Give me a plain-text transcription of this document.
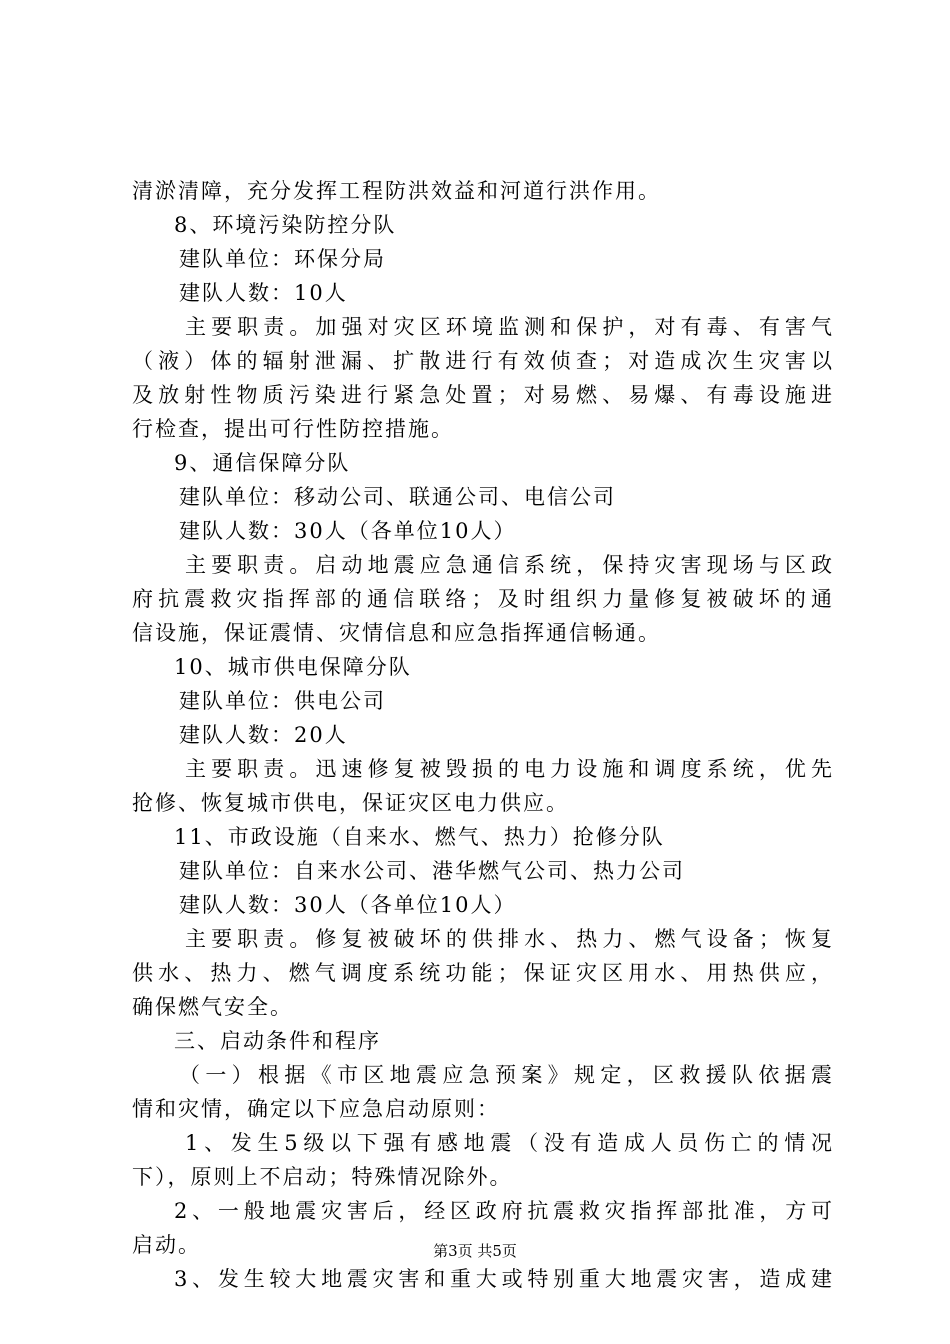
清淤清障，充分发挥工程防洪效益和河道行洪作用。
8、环境污染防控分队
建队单位：环保分局
建队人数：10人
主要职责。加强对灾区环境监测和保护，对有毒、有害气
（液）体的辐射泄漏、扩散进行有效侦查；对造成次生灾害以
及放射性物质污染进行紧急处置；对易燃、易爆、有毒设施进
行检查，提出可行性防控措施。
9、通信保障分队
建队单位：移动公司、联通公司、电信公司
建队人数：30人（各单位10人）
主要职责。启动地震应急通信系统，保持灾害现场与区政
府抗震救灾指挥部的通信联络；及时组织力量修复被破坏的通
信设施，保证震情、灾情信息和应急指挥通信畅通。
10、城市供电保障分队
建队单位：供电公司
建队人数：20人
主要职责。迅速修复被毁损的电力设施和调度系统，优先
抢修、恢复城市供电，保证灾区电力供应。
11、市政设施（自来水、燃气、热力）抢修分队
建队单位：自来水公司、港华燃气公司、热力公司
建队人数：30人（各单位10人）
主要职责。修复被破坏的供排水、热力、燃气设备；恢复
供水、热力、燃气调度系统功能；保证灾区用水、用热供应，
确保燃气安全。
三、启动条件和程序
（一）根据《市区地震应急预案》规定，区救援队依据震
情和灾情，确定以下应急启动原则：
1、发生5级以下强有感地震（没有造成人员伤亡的情况
下），原则上不启动；特殊情况除外。
2、一般地震灾害后，经区政府抗震救灾指挥部批准，方可
启动。
3、发生较大地震灾害和重大或特别重大地震灾害，造成建
第3页 共5页
